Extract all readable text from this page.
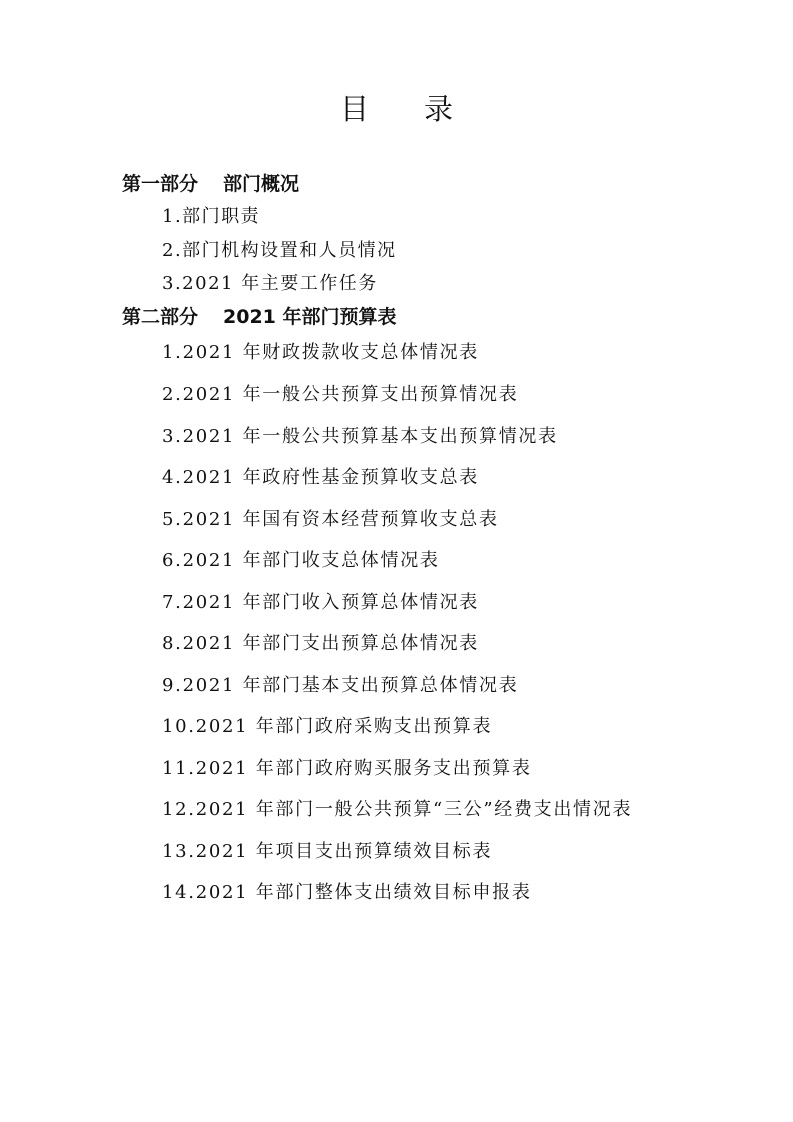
目 录
第一部分 部门概况
1.部门职责
2.部门机构设置和人员情况
3.2021 年主要工作任务
第二部分 2021 年部门预算表
1.2021 年财政拨款收支总体情况表
2.2021 年一般公共预算支出预算情况表
3.2021 年一般公共预算基本支出预算情况表
4.2021 年政府性基金预算收支总表
5.2021 年国有资本经营预算收支总表
6.2021 年部门收支总体情况表
7.2021 年部门收入预算总体情况表
8.2021 年部门支出预算总体情况表
9.2021 年部门基本支出预算总体情况表
10.2021 年部门政府采购支出预算表
11.2021 年部门政府购买服务支出预算表
12.2021 年部门一般公共预算“三公”经费支出情况表
13.2021 年项目支出预算绩效目标表
14.2021 年部门整体支出绩效目标申报表
